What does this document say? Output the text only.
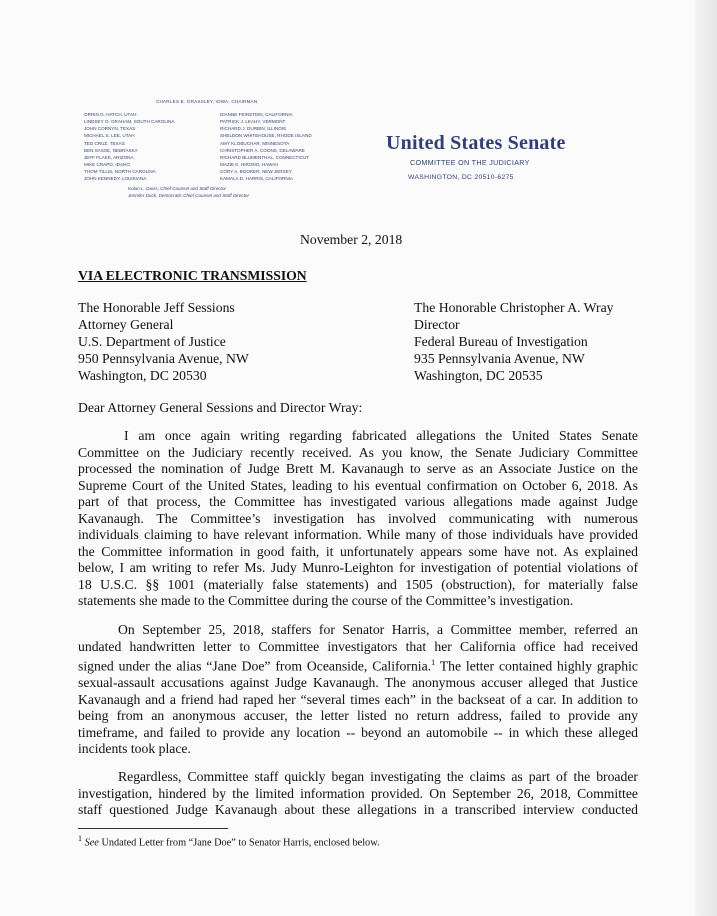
CHARLES E. GRASSLEY, IOWA, CHAIRMAN
ORRIN G. HATCH, UTAH
LINDSEY O. GRAHAM, SOUTH CAROLINA
JOHN CORNYN, TEXAS
MICHAEL S. LEE, UTAH
TED CRUZ, TEXAS
BEN SASSE, NEBRASKA
JEFF FLAKE, ARIZONA
MIKE CRAPO, IDAHO
THOM TILLIS, NORTH CAROLINA
JOHN KENNEDY, LOUISIANA
DIANNE FEINSTEIN, CALIFORNIA
PATRICK J. LEAHY, VERMONT
RICHARD J. DURBIN, ILLINOIS
SHELDON WHITEHOUSE, RHODE ISLAND
AMY KLOBUCHAR, MINNESOTA
CHRISTOPHER A. COONS, DELAWARE
RICHARD BLUMENTHAL, CONNECTICUT
MAZIE K. HIRONO, HAWAII
CORY A. BOOKER, NEW JERSEY
KAMALA D. HARRIS, CALIFORNIA
Kolan L. Davis, Chief Counsel and Staff Director
Jennifer Duck, Democratic Chief Counsel and Staff Director
United States Senate
COMMITTEE ON THE JUDICIARY
WASHINGTON, DC 20510-6275
November 2, 2018
VIA ELECTRONIC TRANSMISSION
The Honorable Jeff Sessions
Attorney General
U.S. Department of Justice
950 Pennsylvania Avenue, NW
Washington, DC 20530
The Honorable Christopher A. Wray
Director
Federal Bureau of Investigation
935 Pennsylvania Avenue, NW
Washington, DC 20535
Dear Attorney General Sessions and Director Wray:
I am once again writing regarding fabricated allegations the United States Senate
Committee on the Judiciary recently received. As you know, the Senate Judiciary Committee
processed the nomination of Judge Brett M. Kavanaugh to serve as an Associate Justice on the
Supreme Court of the United States, leading to his eventual confirmation on October 6, 2018. As
part of that process, the Committee has investigated various allegations made against Judge
Kavanaugh. The Committee’s investigation has involved communicating with numerous
individuals claiming to have relevant information. While many of those individuals have provided
the Committee information in good faith, it unfortunately appears some have not. As explained
below, I am writing to refer Ms. Judy Munro-Leighton for investigation of potential violations of
18 U.S.C. §§ 1001 (materially false statements) and 1505 (obstruction), for materially false
statements she made to the Committee during the course of the Committee’s investigation.
On September 25, 2018, staffers for Senator Harris, a Committee member, referred an
undated handwritten letter to Committee investigators that her California office had received
signed under the alias “Jane Doe” from Oceanside, California.$^1$ The letter contained highly graphic
sexual-assault accusations against Judge Kavanaugh. The anonymous accuser alleged that Justice
Kavanaugh and a friend had raped her “several times each” in the backseat of a car. In addition to
being from an anonymous accuser, the letter listed no return address, failed to provide any
timeframe, and failed to provide any location -- beyond an automobile -- in which these alleged
incidents took place.
Regardless, Committee staff quickly began investigating the claims as part of the broader
investigation, hindered by the limited information provided. On September 26, 2018, Committee
staff questioned Judge Kavanaugh about these allegations in a transcribed interview conducted
$^1$ See Undated Letter from “Jane Doe” to Senator Harris, enclosed below.
